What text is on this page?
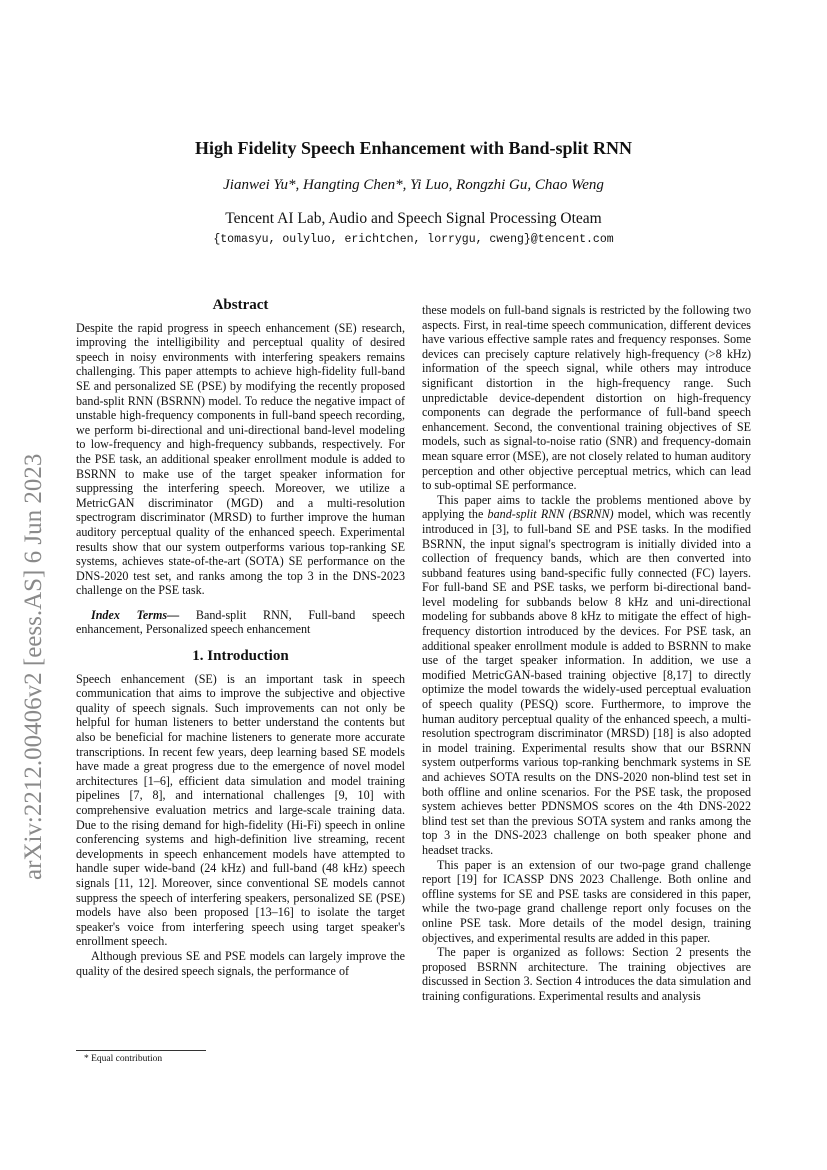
arXiv:2212.00406v2 [eess.AS] 6 Jun 2023
High Fidelity Speech Enhancement with Band-split RNN
Jianwei Yu*, Hangting Chen*, Yi Luo, Rongzhi Gu, Chao Weng
Tencent AI Lab, Audio and Speech Signal Processing Oteam
{tomasyu, oulyluo, erichtchen, lorrygu, cweng}@tencent.com
Abstract

Despite the rapid progress in speech enhancement (SE) research, improving the intelligibility and perceptual quality of desired speech in noisy environments with interfering speakers remains challenging. This paper attempts to achieve high-fidelity full-band SE and personalized SE (PSE) by modifying the recently proposed band-split RNN (BSRNN) model. To reduce the negative impact of unstable high-frequency components in full-band speech recording, we perform bi-directional and uni-directional band-level modeling to low-frequency and high-frequency subbands, respectively. For the PSE task, an additional speaker enrollment module is added to BSRNN to make use of the target speaker information for suppressing the interfering speech. Moreover, we utilize a MetricGAN discriminator (MGD) and a multi-resolution spectrogram discriminator (MRSD) to further improve the human auditory perceptual quality of the enhanced speech. Experimental results show that our system outperforms various top-ranking SE systems, achieves state-of-the-art (SOTA) SE performance on the DNS-2020 test set, and ranks among the top 3 in the DNS-2023 challenge on the PSE task.

Index Terms— Band-split RNN, Full-band speech enhancement, Personalized speech enhancement

1. Introduction

Speech enhancement (SE) is an important task in speech communication that aims to improve the subjective and objective quality of speech signals. Such improvements can not only be helpful for human listeners to better understand the contents but also be beneficial for machine listeners to generate more accurate transcriptions. In recent few years, deep learning based SE models have made a great progress due to the emergence of novel model architectures [1–6], efficient data simulation and model training pipelines [7, 8], and international challenges [9, 10] with comprehensive evaluation metrics and large-scale training data. Due to the rising demand for high-fidelity (Hi-Fi) speech in online conferencing systems and high-definition live streaming, recent developments in speech enhancement models have attempted to handle super wide-band (24 kHz) and full-band (48 kHz) speech signals [11, 12]. Moreover, since conventional SE models cannot suppress the speech of interfering speakers, personalized SE (PSE) models have also been proposed [13–16] to isolate the target speaker's voice from interfering speech using target speaker's enrollment speech.

Although previous SE and PSE models can largely improve the quality of the desired speech signals, the performance of

these models on full-band signals is restricted by the following two aspects. First, in real-time speech communication, different devices have various effective sample rates and frequency responses. Some devices can precisely capture relatively high-frequency (>8 kHz) information of the speech signal, while others may introduce significant distortion in the high-frequency range. Such unpredictable device-dependent distortion on high-frequency components can degrade the performance of full-band speech enhancement. Second, the conventional training objectives of SE models, such as signal-to-noise ratio (SNR) and frequency-domain mean square error (MSE), are not closely related to human auditory perception and other objective perceptual metrics, which can lead to sub-optimal SE performance.

This paper aims to tackle the problems mentioned above by applying the band-split RNN (BSRNN) model, which was recently introduced in [3], to full-band SE and PSE tasks. In the modified BSRNN, the input signal's spectrogram is initially divided into a collection of frequency bands, which are then converted into subband features using band-specific fully connected (FC) layers. For full-band SE and PSE tasks, we perform bi-directional band-level modeling for subbands below 8 kHz and uni-directional modeling for subbands above 8 kHz to mitigate the effect of high-frequency distortion introduced by the devices. For PSE task, an additional speaker enrollment module is added to BSRNN to make use of the target speaker information. In addition, we use a modified MetricGAN-based training objective [8,17] to directly optimize the model towards the widely-used perceptual evaluation of speech quality (PESQ) score. Furthermore, to improve the human auditory perceptual quality of the enhanced speech, a multi-resolution spectrogram discriminator (MRSD) [18] is also adopted in model training. Experimental results show that our BSRNN system outperforms various top-ranking benchmark systems in SE and achieves SOTA results on the DNS-2020 non-blind test set in both offline and online scenarios. For the PSE task, the proposed system achieves better PDNSMOS scores on the 4th DNS-2022 blind test set than the previous SOTA system and ranks among the top 3 in the DNS-2023 challenge on both speaker phone and headset tracks.

This paper is an extension of our two-page grand challenge report [19] for ICASSP DNS 2023 Challenge. Both online and offline systems for SE and PSE tasks are considered in this paper, while the two-page grand challenge report only focuses on the online PSE task. More details of the model design, training objectives, and experimental results are added in this paper.

The paper is organized as follows: Section 2 presents the proposed BSRNN architecture. The training objectives are discussed in Section 3. Section 4 introduces the data simulation and training configurations. Experimental results and analysis

* Equal contribution
